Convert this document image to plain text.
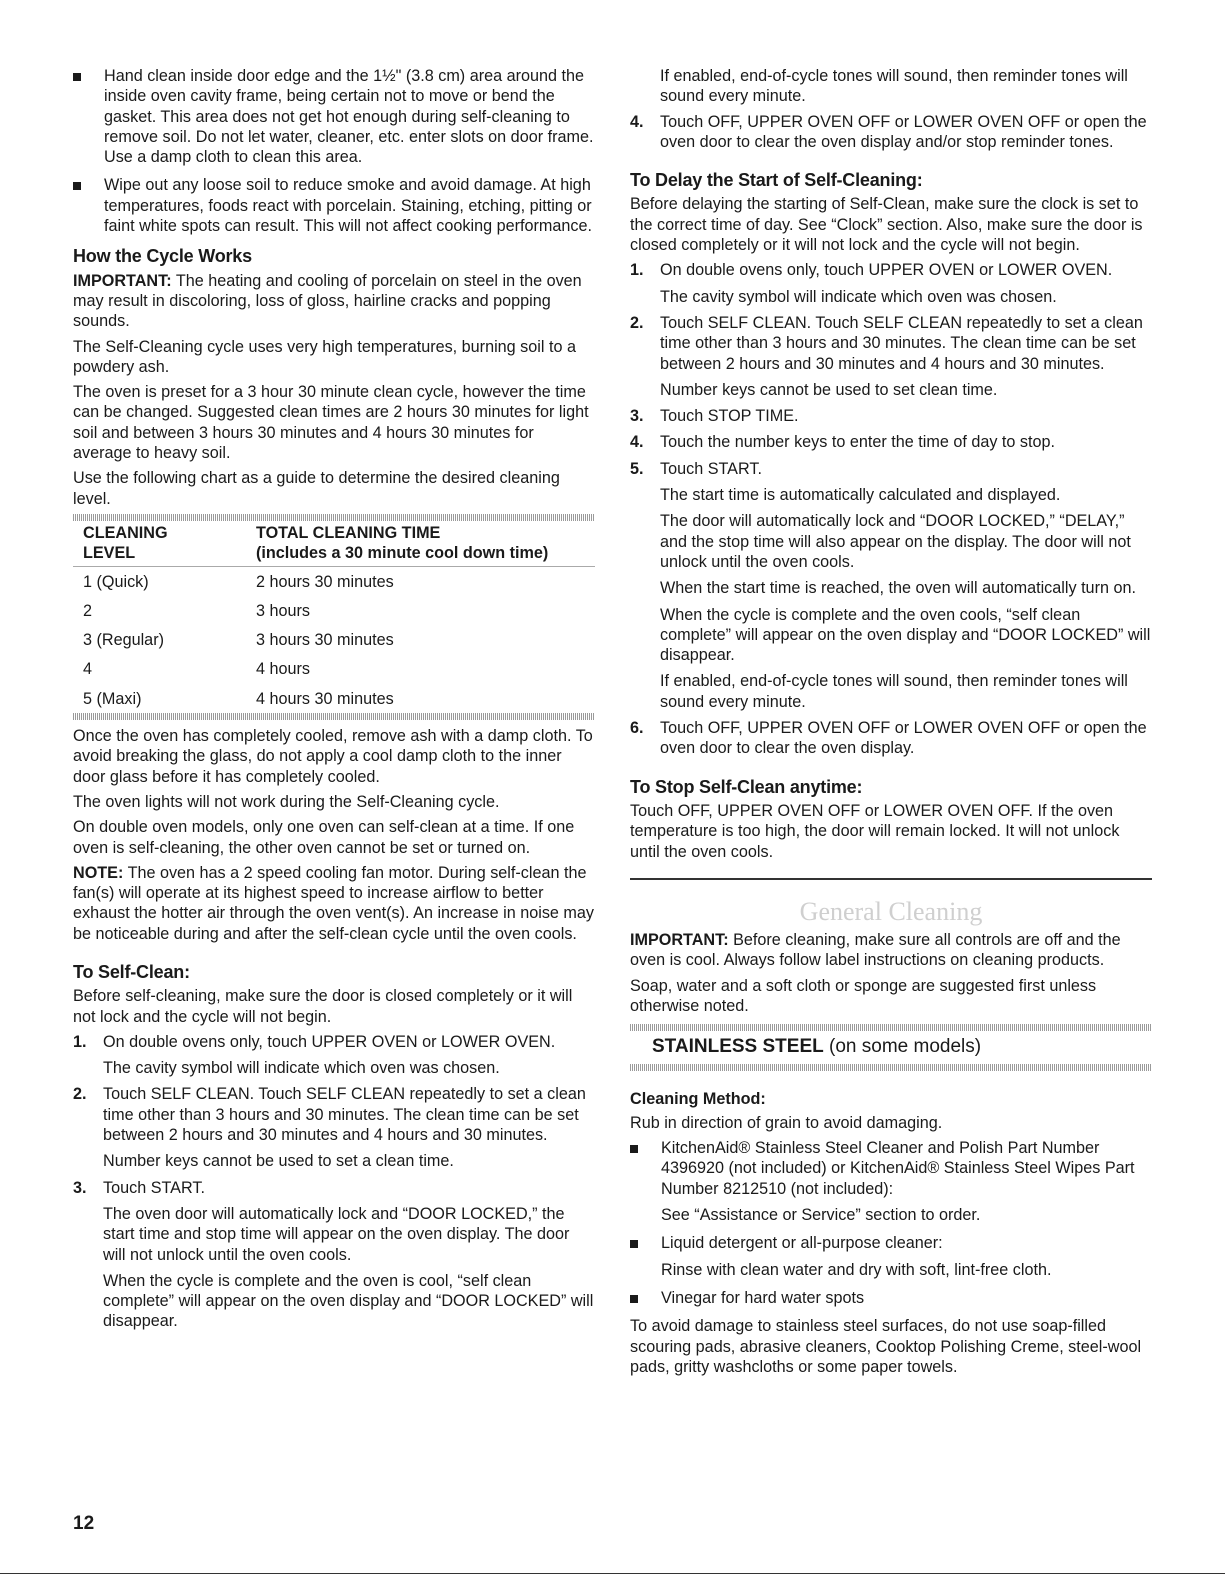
Hand clean inside door edge and the 1½" (3.8 cm) area around the inside oven cavity frame, being certain not to move or bend the gasket. This area does not get hot enough during self-cleaning to remove soil. Do not let water, cleaner, etc. enter slots on door frame. Use a damp cloth to clean this area.
Wipe out any loose soil to reduce smoke and avoid damage. At high temperatures, foods react with porcelain. Staining, etching, pitting or faint white spots can result. This will not affect cooking performance.
How the Cycle Works

IMPORTANT: The heating and cooling of porcelain on steel in the oven may result in discoloring, loss of gloss, hairline cracks and popping sounds.

The Self-Cleaning cycle uses very high temperatures, burning soil to a powdery ash.

The oven is preset for a 3 hour 30 minute clean cycle, however the time can be changed. Suggested clean times are 2 hours 30 minutes for light soil and between 3 hours 30 minutes and 4 hours 30 minutes for average to heavy soil.

Use the following chart as a guide to determine the desired cleaning level.

CLEANING
LEVEL	TOTAL CLEANING TIME
(includes a 30 minute cool down time)
1 (Quick)	2 hours 30 minutes
2	3 hours
3 (Regular)	3 hours 30 minutes
4	4 hours
5 (Maxi)	4 hours 30 minutes

Once the oven has completely cooled, remove ash with a damp cloth. To avoid breaking the glass, do not apply a cool damp cloth to the inner door glass before it has completely cooled.

The oven lights will not work during the Self-Cleaning cycle.

On double oven models, only one oven can self-clean at a time. If one oven is self-cleaning, the other oven cannot be set or turned on.

NOTE: The oven has a 2 speed cooling fan motor. During self-clean the fan(s) will operate at its highest speed to increase airflow to better exhaust the hotter air through the oven vent(s). An increase in noise may be noticeable during and after the self-clean cycle until the oven cools.

To Self-Clean:

Before self-cleaning, make sure the door is closed completely or it will not lock and the cycle will not begin.

1. On double ovens only, touch UPPER OVEN or LOWER OVEN.

The cavity symbol will indicate which oven was chosen.

2. Touch SELF CLEAN. Touch SELF CLEAN repeatedly to set a clean time other than 3 hours and 30 minutes. The clean time can be set between 2 hours and 30 minutes and 4 hours and 30 minutes.

Number keys cannot be used to set a clean time.

3. Touch START.

The oven door will automatically lock and “DOOR LOCKED,” the start time and stop time will appear on the oven display. The door will not unlock until the oven cools.

When the cycle is complete and the oven is cool, “self clean complete” will appear on the oven display and “DOOR LOCKED” will disappear.

If enabled, end-of-cycle tones will sound, then reminder tones will sound every minute.

4. Touch OFF, UPPER OVEN OFF or LOWER OVEN OFF or open the oven door to clear the oven display and/or stop reminder tones.

To Delay the Start of Self-Cleaning:

Before delaying the starting of Self-Clean, make sure the clock is set to the correct time of day. See “Clock” section. Also, make sure the door is closed completely or it will not lock and the cycle will not begin.

1. On double ovens only, touch UPPER OVEN or LOWER OVEN.

The cavity symbol will indicate which oven was chosen.

2. Touch SELF CLEAN. Touch SELF CLEAN repeatedly to set a clean time other than 3 hours and 30 minutes. The clean time can be set between 2 hours and 30 minutes and 4 hours and 30 minutes.

Number keys cannot be used to set clean time.

3. Touch STOP TIME.

4. Touch the number keys to enter the time of day to stop.

5. Touch START.

The start time is automatically calculated and displayed.

The door will automatically lock and “DOOR LOCKED,” “DELAY,” and the stop time will also appear on the display. The door will not unlock until the oven cools.

When the start time is reached, the oven will automatically turn on.

When the cycle is complete and the oven cools, “self clean complete” will appear on the oven display and “DOOR LOCKED” will disappear.

If enabled, end-of-cycle tones will sound, then reminder tones will sound every minute.

6. Touch OFF, UPPER OVEN OFF or LOWER OVEN OFF or open the oven door to clear the oven display.

To Stop Self-Clean anytime:

Touch OFF, UPPER OVEN OFF or LOWER OVEN OFF. If the oven temperature is too high, the door will remain locked. It will not unlock until the oven cools.

General Cleaning

IMPORTANT: Before cleaning, make sure all controls are off and the oven is cool. Always follow label instructions on cleaning products.

Soap, water and a soft cloth or sponge are suggested first unless otherwise noted.

STAINLESS STEEL (on some models)
Cleaning Method:

Rub in direction of grain to avoid damaging.

KitchenAid® Stainless Steel Cleaner and Polish Part Number 4396920 (not included) or KitchenAid® Stainless Steel Wipes Part Number 8212510 (not included):

See “Assistance or Service” section to order.

Liquid detergent or all-purpose cleaner:

Rinse with clean water and dry with soft, lint-free cloth.

Vinegar for hard water spots

To avoid damage to stainless steel surfaces, do not use soap-filled scouring pads, abrasive cleaners, Cooktop Polishing Creme, steel-wool pads, gritty washcloths or some paper towels.

12
